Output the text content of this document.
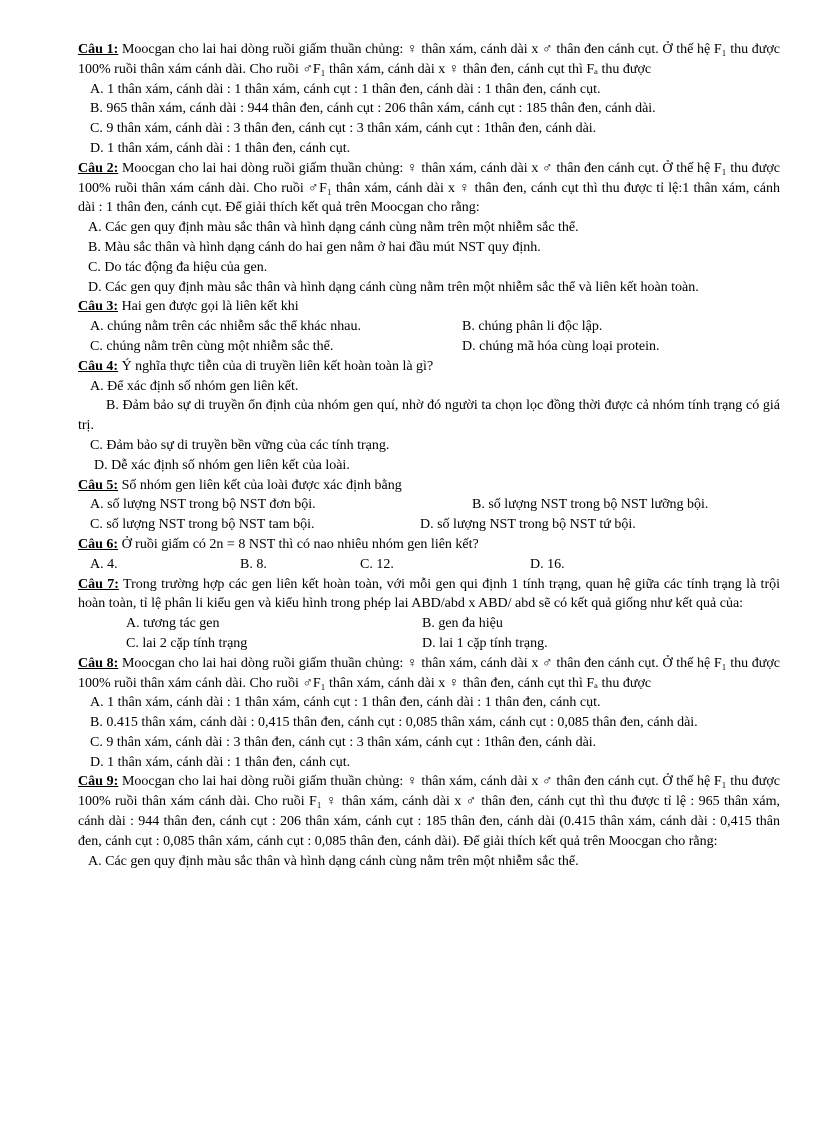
Câu 1: Moocgan cho lai hai dòng ruồi giấm thuần chủng: ♀ thân xám, cánh dài x ♂ thân đen cánh cụt. Ở thế hệ F₁ thu được 100% ruồi thân xám cánh dài. Cho ruồi ♂F₁ thân xám, cánh dài x ♀ thân đen, cánh cụt thì Fₐ thu được

A. 1 thân xám, cánh dài : 1 thân xám, cánh cụt : 1 thân đen, cánh dài : 1 thân đen, cánh cụt.

B. 965 thân xám, cánh dài : 944 thân đen, cánh cụt : 206 thân xám, cánh cụt : 185 thân đen, cánh dài.

C. 9 thân xám, cánh dài : 3 thân đen, cánh cụt : 3 thân xám, cánh cụt : 1thân đen, cánh dài.

D. 1 thân xám, cánh dài : 1 thân đen, cánh cụt.

Câu 2: Moocgan cho lai hai dòng ruồi giấm thuần chủng: ♀ thân xám, cánh dài x ♂ thân đen cánh cụt. Ở thế hệ F₁ thu được 100% ruồi thân xám cánh dài. Cho ruồi ♂F₁ thân xám, cánh dài x ♀ thân đen, cánh cụt thì thu được tỉ lệ:1 thân xám, cánh dài : 1 thân đen, cánh cụt. Để giải thích kết quả trên Moocgan cho rằng:

A. Các gen quy định màu sắc thân và hình dạng cánh cùng nằm trên một nhiễm sắc thể.

B. Màu sắc thân và hình dạng cánh do hai gen nằm ở hai đầu mút NST quy định.

C. Do tác động đa hiệu của gen.

D. Các gen quy định màu sắc thân và hình dạng cánh cùng nằm trên một nhiễm sắc thể và liên kết hoàn toàn.

Câu 3: Hai gen được gọi là liên kết khi

A. chúng nằm trên các nhiễm sắc thể khác nhau.	B. chúng phân li độc lập.
C. chúng nằm trên cùng một nhiễm sắc thể.	D. chúng mã hóa cùng loại protein.

Câu 4: Ý nghĩa thực tiễn của di truyền liên kết hoàn toàn là gì?

A. Để xác định số nhóm gen liên kết.

B. Đảm bảo sự di truyền ổn định của nhóm gen quí, nhờ đó người ta chọn lọc đồng thời được cả nhóm tính trạng có giá trị.

C. Đảm bảo sự di truyền bền vững của các tính trạng.

D. Dễ xác định số nhóm gen liên kết của loài.

Câu 5: Số nhóm gen liên kết của loài được xác định bằng

A. số lượng NST trong bộ NST đơn bội.	B. số lượng NST trong bộ NST lưỡng bội.
C. số lượng NST trong bộ NST tam bội.	D. số lượng NST trong bộ NST tứ bội.

Câu 6: Ở ruồi giấm có 2n = 8 NST thì có nao nhiêu nhóm gen liên kết?

A. 4.	B. 8.	C. 12.	D. 16.

Câu 7: Trong trường hợp các gen liên kết hoàn toàn, với mỗi gen qui định 1 tính trạng, quan hệ giữa các tính trạng là trội hoàn toàn, tỉ lệ phân li kiểu gen và kiểu hình trong phép lai ABD/abd x ABD/ abd sẽ có kết quả giống như kết quả của:

A. tương tác gen	B. gen đa hiệu
C. lai 2 cặp tính trạng	D. lai 1 cặp tính trạng.

Câu 8: Moocgan cho lai hai dòng ruồi giấm thuần chủng: ♀ thân xám, cánh dài x ♂ thân đen cánh cụt. Ở thế hệ F₁ thu được 100% ruồi thân xám cánh dài. Cho ruồi ♂F₁ thân xám, cánh dài x ♀ thân đen, cánh cụt thì Fₐ thu được

A. 1 thân xám, cánh dài : 1 thân xám, cánh cụt : 1 thân đen, cánh dài : 1 thân đen, cánh cụt.

B. 0.415 thân xám, cánh dài : 0,415 thân đen, cánh cụt : 0,085 thân xám, cánh cụt : 0,085 thân đen, cánh dài.

C. 9 thân xám, cánh dài : 3 thân đen, cánh cụt : 3 thân xám, cánh cụt : 1thân đen, cánh dài.

D. 1 thân xám, cánh dài : 1 thân đen, cánh cụt.

Câu 9: Moocgan cho lai hai dòng ruồi giấm thuần chủng: ♀ thân xám, cánh dài x ♂ thân đen cánh cụt. Ở thế hệ F₁ thu được 100% ruồi thân xám cánh dài. Cho ruồi F₁ ♀ thân xám, cánh dài x ♂ thân đen, cánh cụt thì thu được tỉ lệ : 965 thân xám, cánh dài : 944 thân đen, cánh cụt : 206 thân xám, cánh cụt : 185 thân đen, cánh dài (0.415 thân xám, cánh dài : 0,415 thân đen, cánh cụt : 0,085 thân xám, cánh cụt : 0,085 thân đen, cánh dài). Để giải thích kết quả trên Moocgan cho rằng:

A. Các gen quy định màu sắc thân và hình dạng cánh cùng nằm trên một nhiễm sắc thể.
